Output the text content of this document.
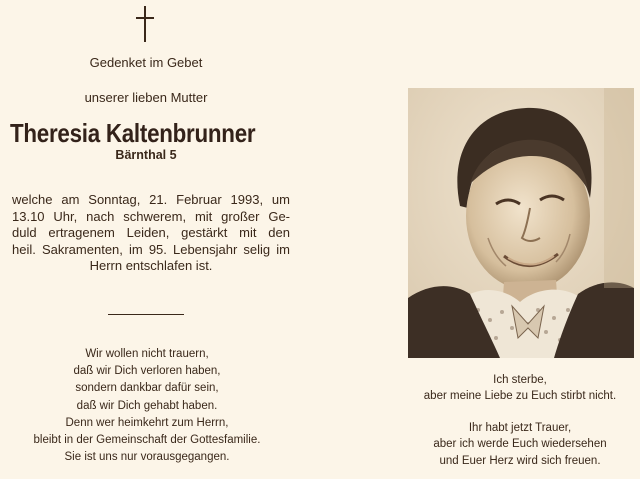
Gedenket im Gebet
unserer lieben Mutter
Theresia Kaltenbrunner
Bärnthal 5
welche am Sonntag, 21. Februar 1993, um
13.10 Uhr, nach schwerem, mit großer Ge-
duld ertragenem Leiden, gestärkt mit den
heil. Sakramenten, im 95. Lebensjahr selig im
Herrn entschlafen ist.
Wir wollen nicht trauern,
daß wir Dich verloren haben,
sondern dankbar dafür sein,
daß wir Dich gehabt haben.
Denn wer heimkehrt zum Herrn,
bleibt in der Gemeinschaft der Gottesfamilie.
Sie ist uns nur vorausgegangen.
Ich sterbe,
aber meine Liebe zu Euch stirbt nicht.
Ihr habt jetzt Trauer,
aber ich werde Euch wiedersehen
und Euer Herz wird sich freuen.
